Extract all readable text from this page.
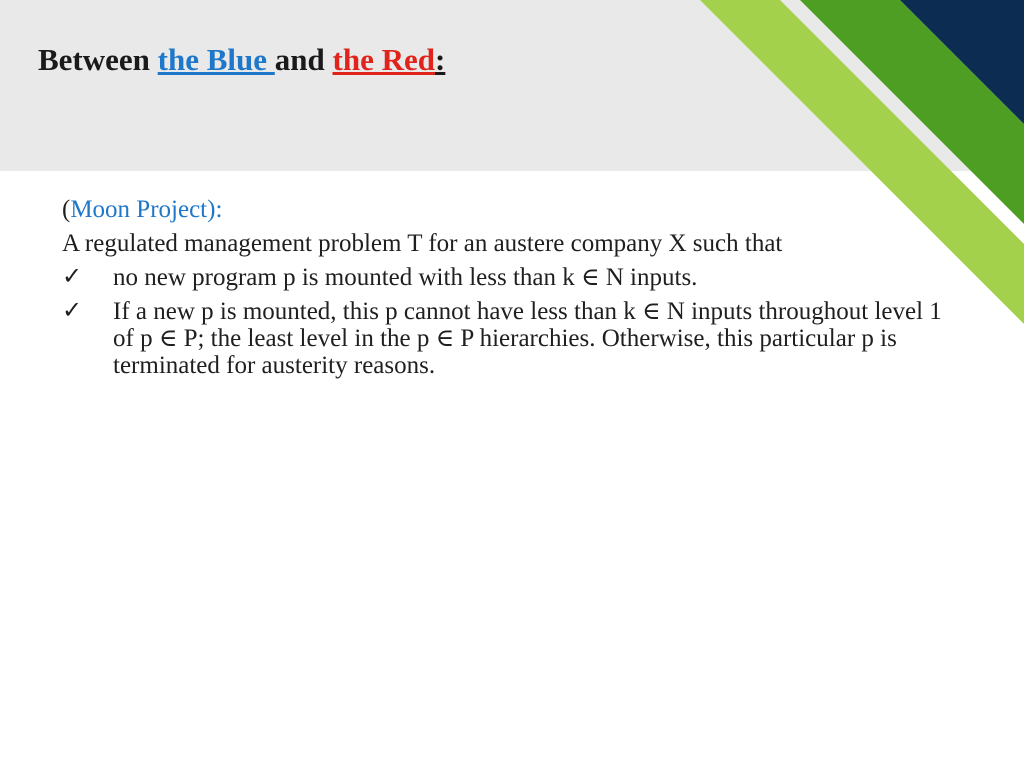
Between the Blue and the Red:
(Moon Project):
A regulated management problem T for an austere company X such that
✓	no new program p is mounted with less than k ∈ N inputs.
✓	If a new p is mounted, this p cannot have less than k ∈ N inputs throughout level 1 of p ∈ P; the least level in the p ∈ P hierarchies. Otherwise, this particular p is terminated for austerity reasons.
